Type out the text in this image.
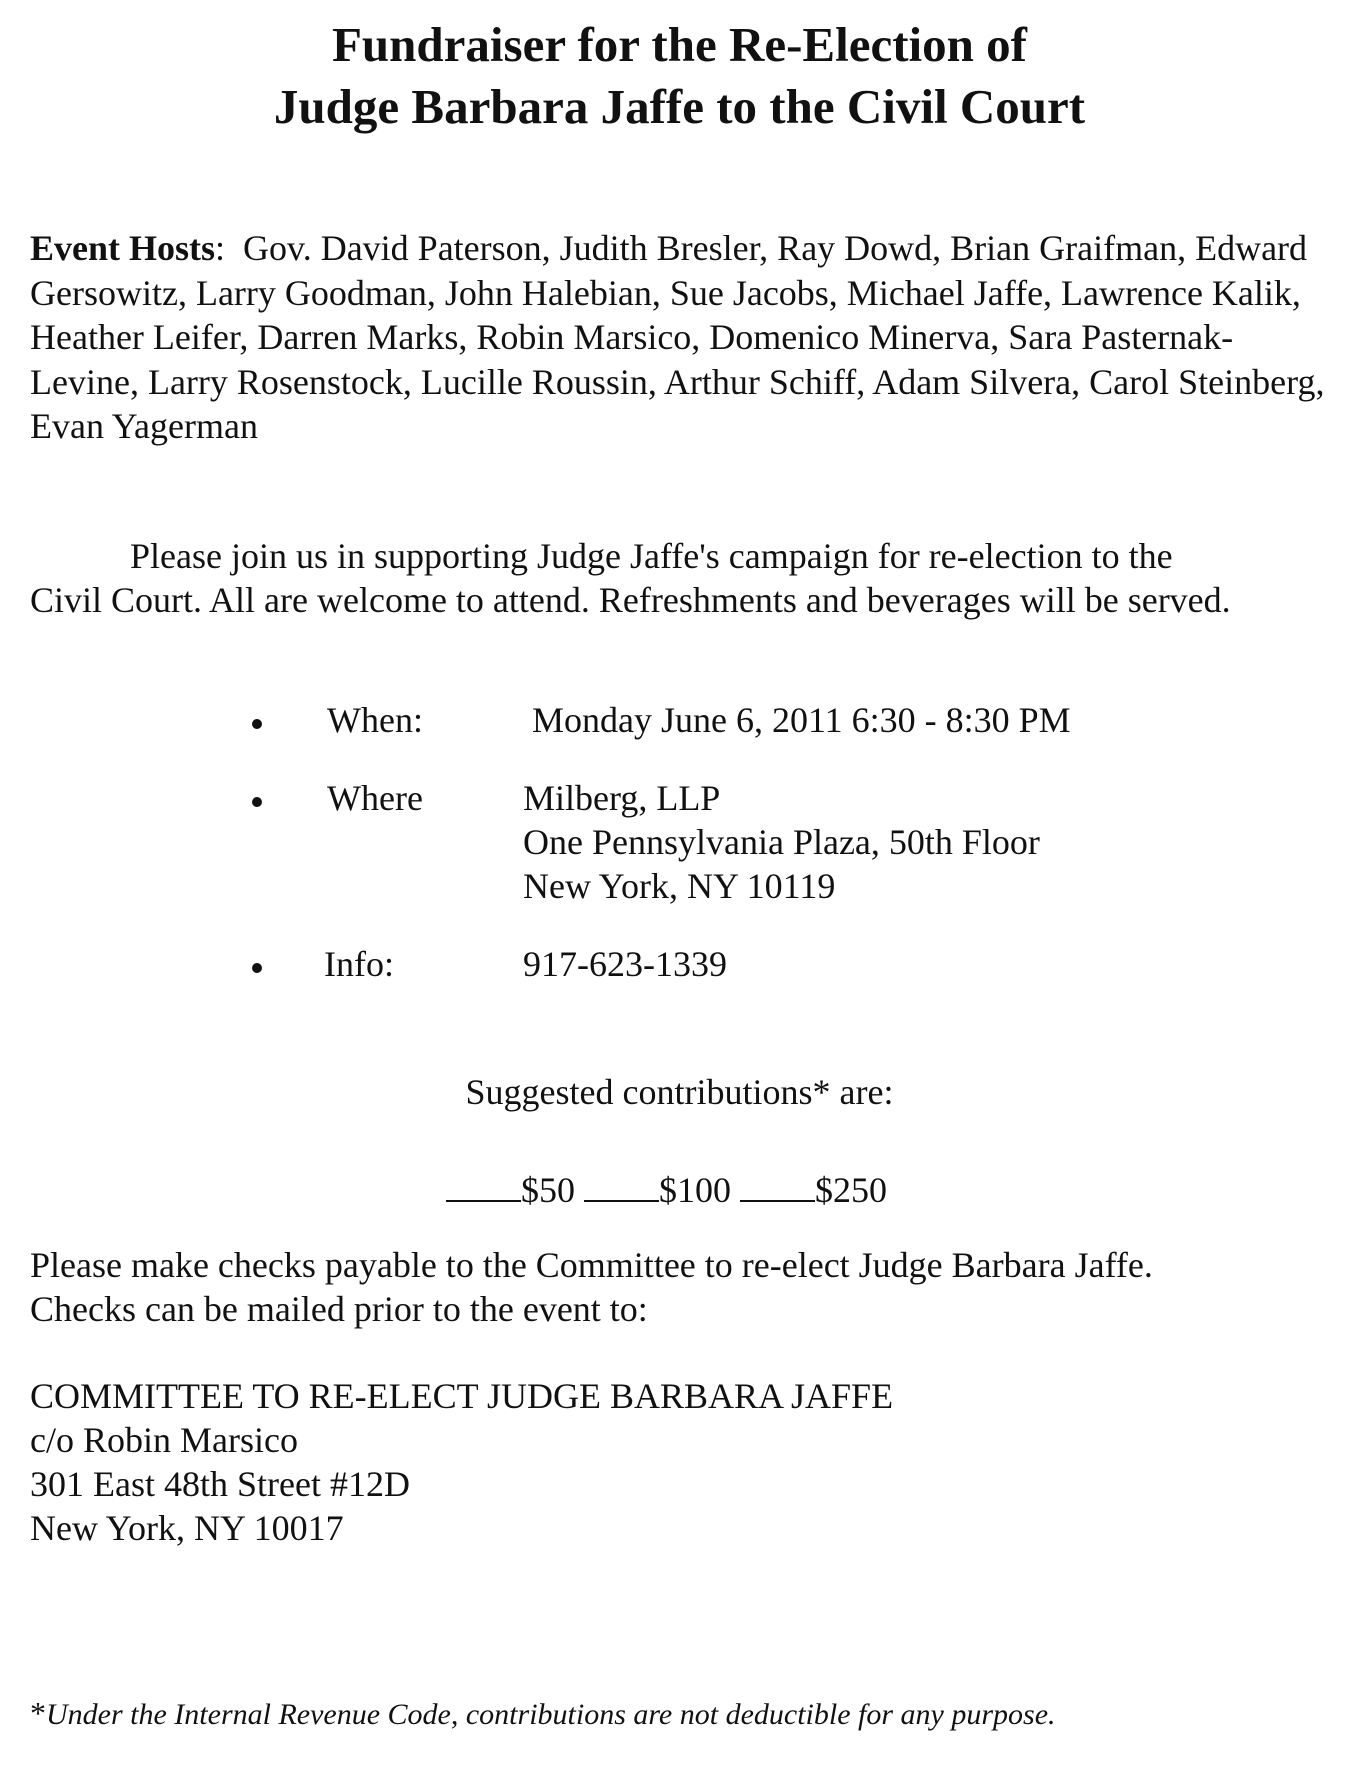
Fundraiser for the Re-Election of
Judge Barbara Jaffe to the Civil Court
Event Hosts:  Gov. David Paterson, Judith Bresler, Ray Dowd, Brian Graifman, Edward Gersowitz, Larry Goodman, John Halebian, Sue Jacobs, Michael Jaffe, Lawrence Kalik, Heather Leifer, Darren Marks, Robin Marsico, Domenico Minerva, Sara Pasternak-Levine, Larry Rosenstock, Lucille Roussin, Arthur Schiff, Adam Silvera, Carol Steinberg, Evan Yagerman
Please join us in supporting Judge Jaffe's campaign for re-election to the
Civil Court. All are welcome to attend. Refreshments and beverages will be served.
When:	Monday June 6, 2011 6:30 - 8:30 PM
Where	Milberg, LLP
One Pennsylvania Plaza, 50th Floor
New York, NY 10119
Info:	917-623-1339
Suggested contributions* are:
$50 $100 $250
Please make checks payable to the Committee to re-elect Judge Barbara Jaffe.
Checks can be mailed prior to the event to:
COMMITTEE TO RE-ELECT JUDGE BARBARA JAFFE
c/o Robin Marsico
301 East 48th Street #12D
New York, NY 10017
*Under the Internal Revenue Code, contributions are not deductible for any purpose.
